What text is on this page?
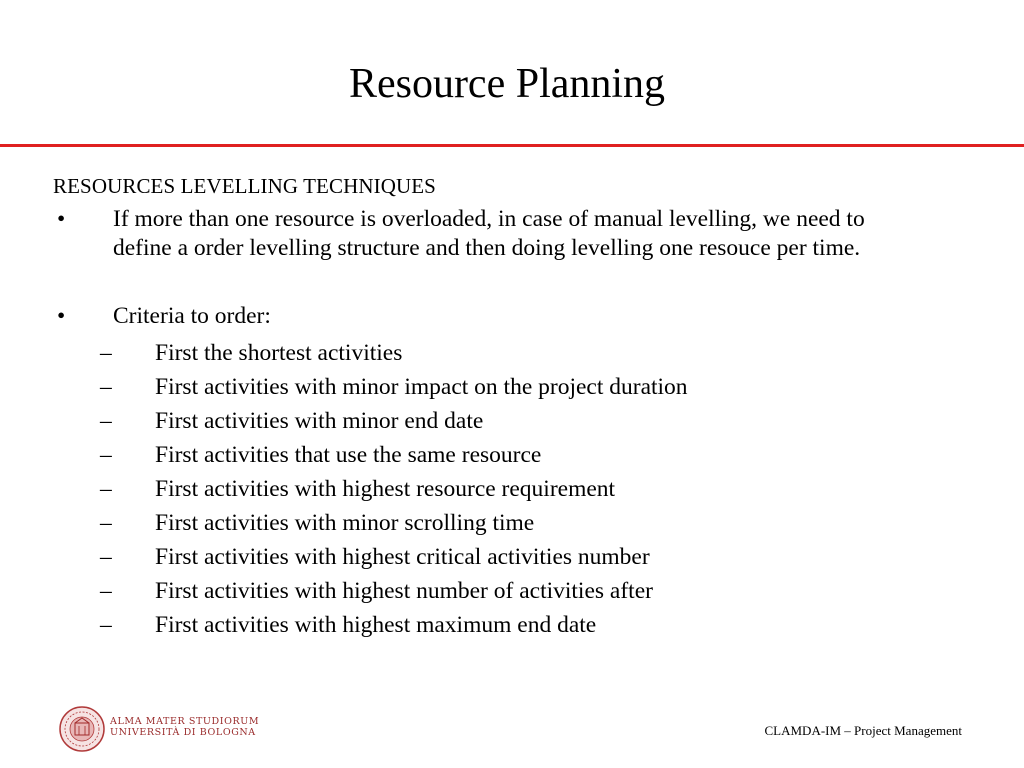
Resource Planning
RESOURCES LEVELLING TECHNIQUES
• If more than one resource is overloaded, in case of manual levelling, we need to define a order levelling structure and then doing levelling one resouce per time.
• Criteria to order:
– First the shortest activities
– First activities with minor impact on the project duration
– First activities with minor end date
– First activities that use the same resource
– First activities with highest resource requirement
– First activities with minor scrolling time
– First activities with highest critical activities number
– First activities with highest number of activities after
– First activities with highest maximum end date
ALMA MATER STUDIORUM
UNIVERSITÀ DI BOLOGNA	CLAMDA-IM – Project Management
